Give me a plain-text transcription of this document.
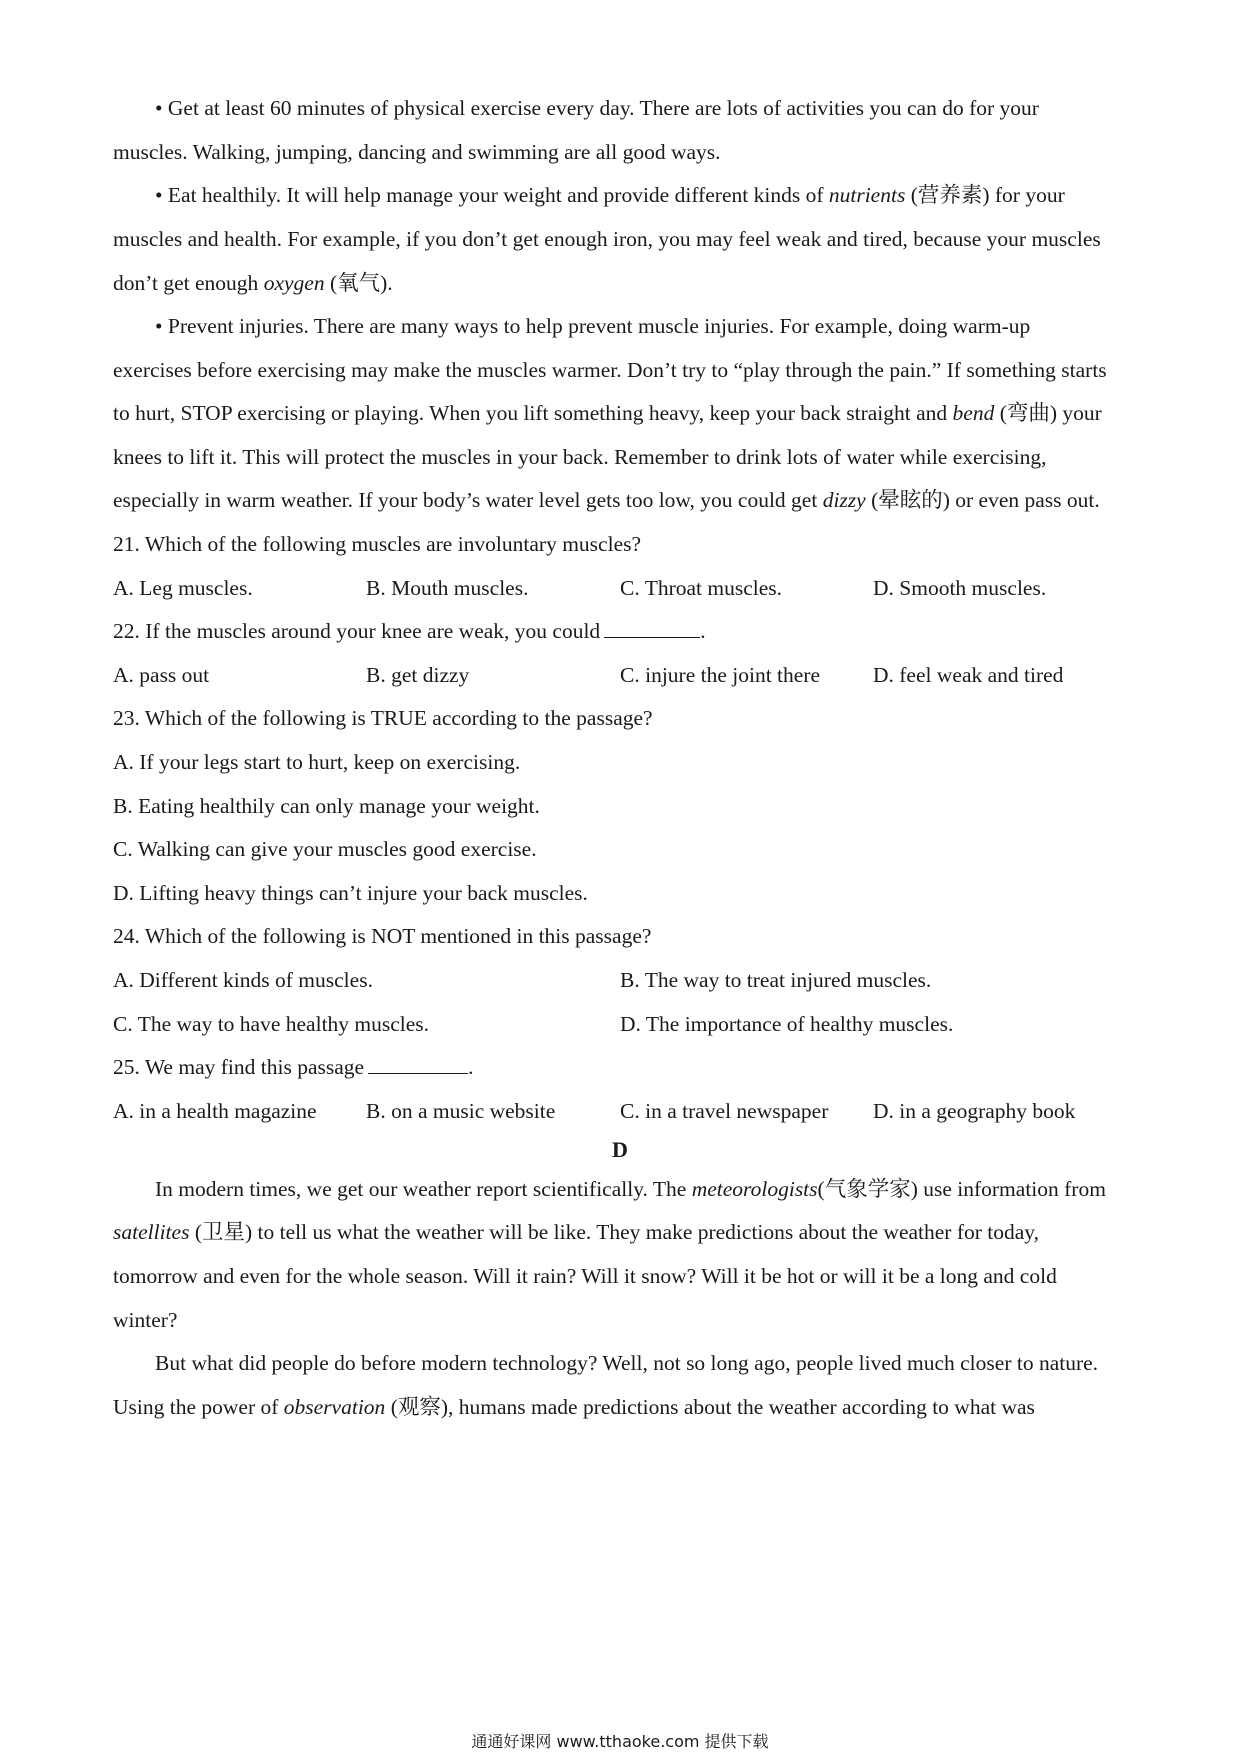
• Get at least 60 minutes of physical exercise every day. There are lots of activities you can do for your
muscles. Walking, jumping, dancing and swimming are all good ways.
• Eat healthily. It will help manage your weight and provide different kinds of nutrients (营养素) for your
muscles and health. For example, if you don’t get enough iron, you may feel weak and tired, because your muscles
don’t get enough oxygen (氧气).
• Prevent injuries. There are many ways to help prevent muscle injuries. For example, doing warm-up
exercises before exercising may make the muscles warmer. Don’t try to “play through the pain.” If something starts
to hurt, STOP exercising or playing. When you lift something heavy, keep your back straight and bend (弯曲) your
knees to lift it. This will protect the muscles in your back. Remember to drink lots of water while exercising,
especially in warm weather. If your body’s water level gets too low, you could get dizzy (晕眩的) or even pass out.
21. Which of the following muscles are involuntary muscles?
A. Leg muscles.	B. Mouth muscles.	C. Throat muscles.	D. Smooth muscles.
22. If the muscles around your knee are weak, you could	.
A. pass out	B. get dizzy	C. injure the joint there D. feel weak and tired
23. Which of the following is TRUE according to the passage?
A. If your legs start to hurt, keep on exercising.
B. Eating healthily can only manage your weight.
C. Walking can give your muscles good exercise.
D. Lifting heavy things can’t injure your back muscles.
24. Which of the following is NOT mentioned in this passage?
A. Different kinds of muscles.	B. The way to treat injured muscles.
C. The way to have healthy muscles.	D. The importance of healthy muscles.
25. We may find this passage	.
A. in a health magazine B. on a music website	C. in a travel newspaper D. in a geography book
D
In modern times, we get our weather report scientifically. The meteorologists(气象学家) use information from
satellites (卫星) to tell us what the weather will be like. They make predictions about the weather for today,
tomorrow and even for the whole season. Will it rain? Will it snow? Will it be hot or will it be a long and cold
winter?
But what did people do before modern technology? Well, not so long ago, people lived much closer to nature.
Using the power of observation (观察), humans made predictions about the weather according to what was
通通好课网 www.tthaoke.com 提供下载
